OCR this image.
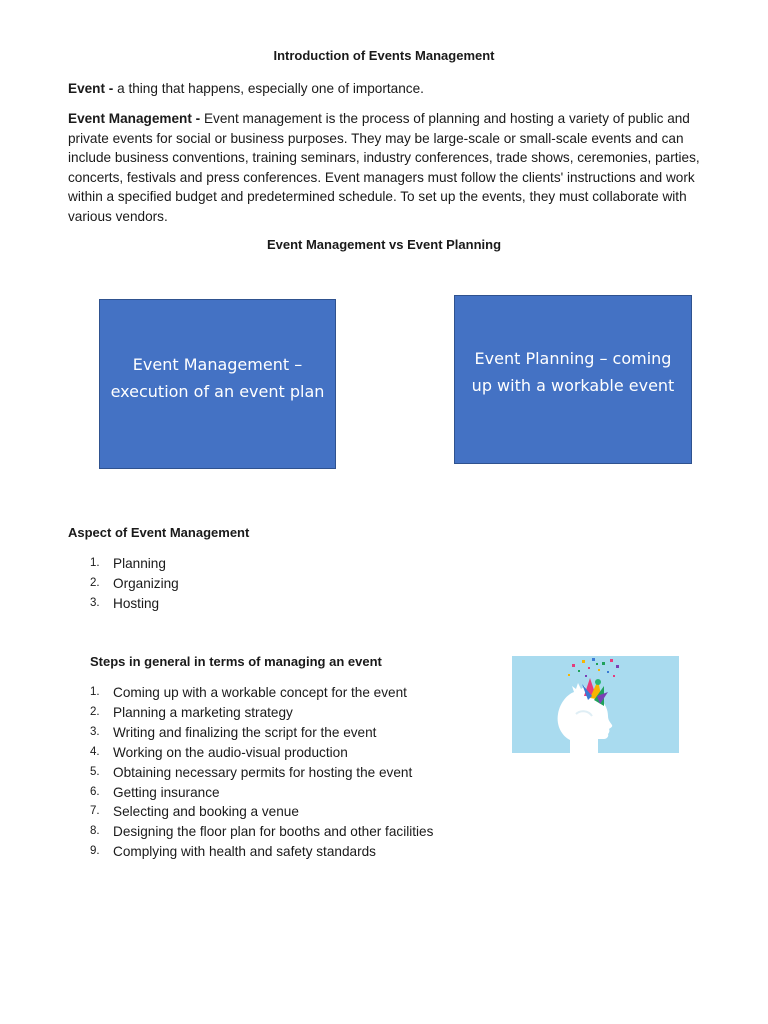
Introduction of Events Management
Event - a thing that happens, especially one of importance.
Event Management - Event management is the process of planning and hosting a variety of public and private events for social or business purposes. They may be large-scale or small-scale events and can include business conventions, training seminars, industry conferences, trade shows, ceremonies, parties, concerts, festivals and press conferences. Event managers must follow the clients' instructions and work within a specified budget and predetermined schedule. To set up the events, they must collaborate with various vendors.
Event Management vs Event Planning
Event Management –
execution of an event plan
Event Planning – coming
up with a workable event
Aspect of Event Management
1. Planning
2. Organizing
3. Hosting
Steps in general in terms of managing an event
1. Coming up with a workable concept for the event
2. Planning a marketing strategy
3. Writing and finalizing the script for the event
4. Working on the audio-visual production
5. Obtaining necessary permits for hosting the event
6. Getting insurance
7. Selecting and booking a venue
8. Designing the floor plan for booths and other facilities
9. Complying with health and safety standards
